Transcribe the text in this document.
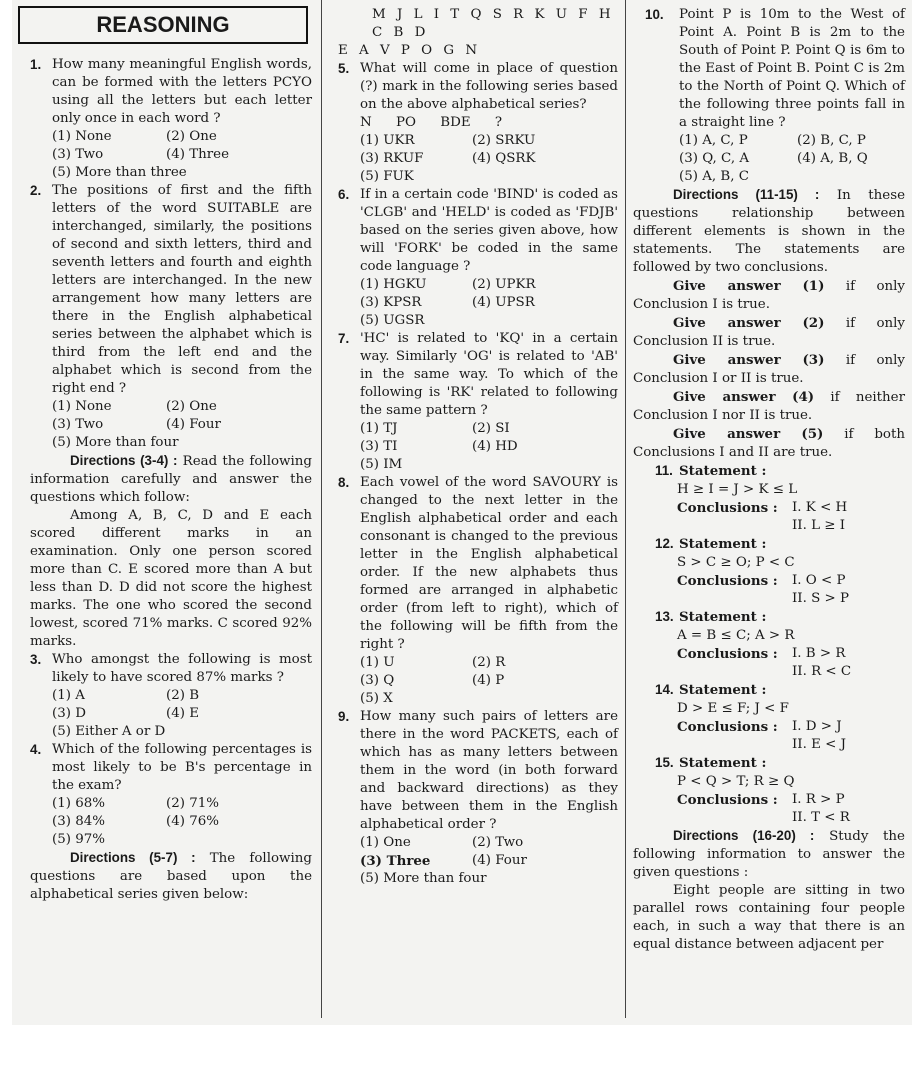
REASONING
1. How many meaningful English words, can be formed with the letters PCYO using all the letters but each letter only once in each word ?

(1) None	(2) One
(3) Two	(4) Three
(5) More than three
2. The positions of first and the fifth letters of the word SUITABLE are interchanged, similarly, the positions of second and sixth letters, third and seventh letters and fourth and eighth letters are interchanged. In the new arrangement how many letters are there in the English alphabetical series between the alphabet which is third from the left end and the alphabet which is second from the right end ?

(1) None	(2) One
(3) Two	(4) Four
(5) More than four

Directions (3-4) : Read the following information carefully and answer the questions which follow:

Among A, B, C, D and E each scored different marks in an examination. Only one person scored more than C. E scored more than A but less than D. D did not score the highest marks. The one who scored the second lowest, scored 71% marks. C scored 92% marks.

3. Who amongst the following is most likely to have scored 87% marks ?

(1) A	(2) B
(3) D	(4) E
(5) Either A or D
4. Which of the following percentages is most likely to be B's percentage in the exam?

(1) 68%	(2) 71%
(3) 84%	(4) 76%
(5) 97%

Directions (5-7) : The following questions are based upon the alphabetical series given below:

M J L I T Q S R K U F H C B D

E A V P O G N

5. What will come in place of question (?) mark in the following series based on the above alphabetical series?

N PO BDE ?
(1) UKR	(2) SRKU
(3) RKUF	(4) QSRK
(5) FUK
6. If in a certain code 'BIND' is coded as 'CLGB' and 'HELD' is coded as 'FDJB' based on the series given above, how will 'FORK' be coded in the same code language ?

(1) HGKU	(2) UPKR
(3) KPSR	(4) UPSR
(5) UGSR
7. 'HC' is related to 'KQ' in a certain way. Similarly 'OG' is related to 'AB' in the same way. To which of the following is 'RK' related to following the same pattern ?

(1) TJ	(2) SI
(3) TI	(4) HD
(5) IM
8. Each vowel of the word SAVOURY is changed to the next letter in the English alphabetical order and each consonant is changed to the previous letter in the English alphabetical order. If the new alphabets thus formed are arranged in alphabetic order (from left to right), which of the following will be fifth from the right ?

(1) U	(2) R
(3) Q	(4) P
(5) X
9. How many such pairs of letters are there in the word PACKETS, each of which has as many letters between them in the word (in both forward and backward directions) as they have between them in the English alphabetical order ?

(1) One	(2) Two
(3) Three	(4) Four
(5) More than four
10. Point P is 10m to the West of Point A. Point B is 2m to the South of Point P. Point Q is 6m to the East of Point B. Point C is 2m to the North of Point Q. Which of the following three points fall in a straight line ?

(1) A, C, P	(2) B, C, P
(3) Q, C, A	(4) A, B, Q
(5) A, B, C

Directions (11-15) : In these questions relationship between different elements is shown in the statements. The statements are followed by two conclusions.

Give answer (1) if only Conclusion I is true.

Give answer (2) if only Conclusion II is true.

Give answer (3) if only Conclusion I or II is true.

Give answer (4) if neither Conclusion I nor II is true.

Give answer (5) if both Conclusions I and II are true.

11. Statement :
H ≥ I = J > K ≤ L
Conclusions :	I. K < H
II. L ≥ I
12. Statement :
S > C ≥ O; P < C
Conclusions :	I. O < P
II. S > P
13. Statement :
A = B ≤ C; A > R
Conclusions :	I. B > R
II. R < C
14. Statement :
D > E ≤ F; J < F
Conclusions :	I. D > J
II. E < J
15. Statement :
P < Q > T; R ≥ Q
Conclusions :	I. R > P
II. T < R

Directions (16-20) : Study the following information to answer the given questions :

Eight people are sitting in two parallel rows containing four people each, in such a way that there is an equal distance between adjacent per
